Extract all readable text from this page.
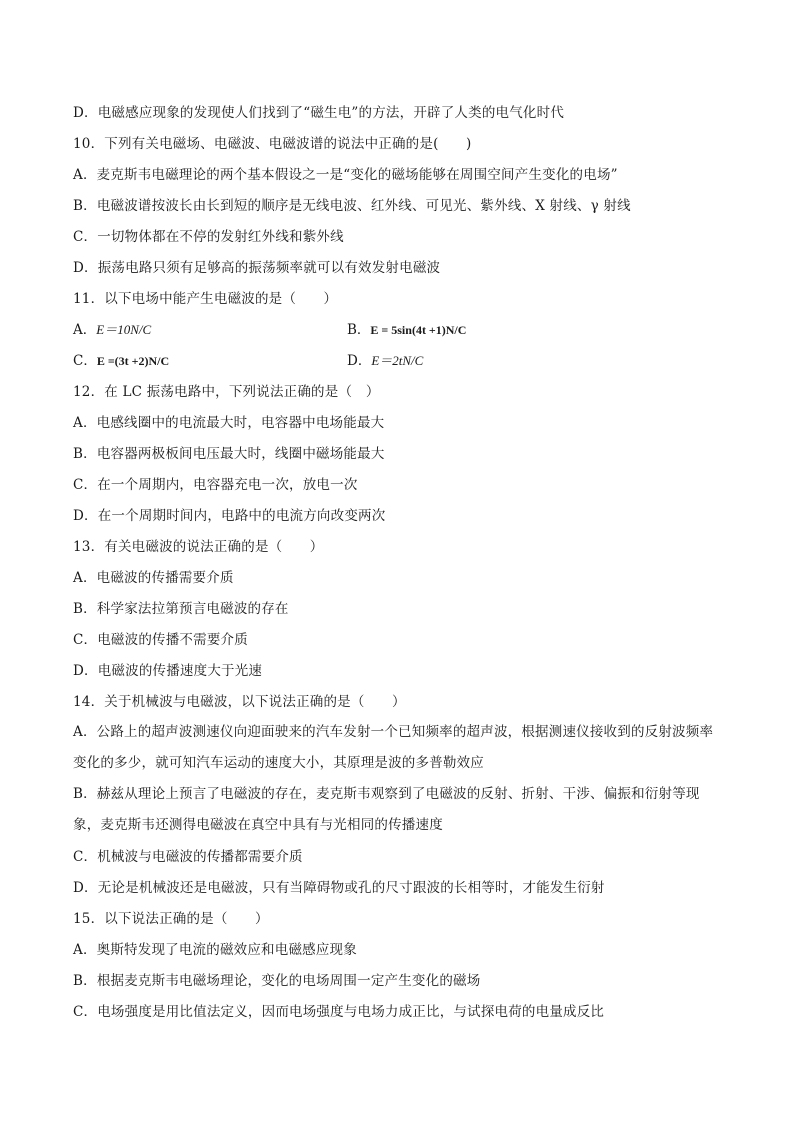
D．电磁感应现象的发现使人们找到了“磁生电”的方法，开辟了人类的电气化时代
10．下列有关电磁场、电磁波、电磁波谱的说法中正确的是(　　)
A．麦克斯韦电磁理论的两个基本假设之一是“变化的磁场能够在周围空间产生变化的电场”
B．电磁波谱按波长由长到短的顺序是无线电波、红外线、可见光、紫外线、X 射线、γ 射线
C．一切物体都在不停的发射红外线和紫外线
D．振荡电路只须有足够高的振荡频率就可以有效发射电磁波
11．以下电场中能产生电磁波的是（　　）
A．E＝10N/C	B．E = 5sin(4t +1)N/C
C．E =(3t +2)N/C	D．E＝2tN/C
12．在 LC 振荡电路中，下列说法正确的是（　）
A．电感线圈中的电流最大时，电容器中电场能最大
B．电容器两极板间电压最大时，线圈中磁场能最大
C．在一个周期内，电容器充电一次，放电一次
D．在一个周期时间内，电路中的电流方向改变两次
13．有关电磁波的说法正确的是（　　）
A．电磁波的传播需要介质
B．科学家法拉第预言电磁波的存在
C．电磁波的传播不需要介质
D．电磁波的传播速度大于光速
14．关于机械波与电磁波，以下说法正确的是（　　）
A．公路上的超声波测速仪向迎面驶来的汽车发射一个已知频率的超声波，根据测速仪接收到的反射波频率变化的多少，就可知汽车运动的速度大小，其原理是波的多普勒效应
B．赫兹从理论上预言了电磁波的存在，麦克斯韦观察到了电磁波的反射、折射、干涉、偏振和衍射等现象，麦克斯韦还测得电磁波在真空中具有与光相同的传播速度
C．机械波与电磁波的传播都需要介质
D．无论是机械波还是电磁波，只有当障碍物或孔的尺寸跟波的长相等时，才能发生衍射
15．以下说法正确的是（　　）
A．奥斯特发现了电流的磁效应和电磁感应现象
B．根据麦克斯韦电磁场理论，变化的电场周围一定产生变化的磁场
C．电场强度是用比值法定义，因而电场强度与电场力成正比，与试探电荷的电量成反比
